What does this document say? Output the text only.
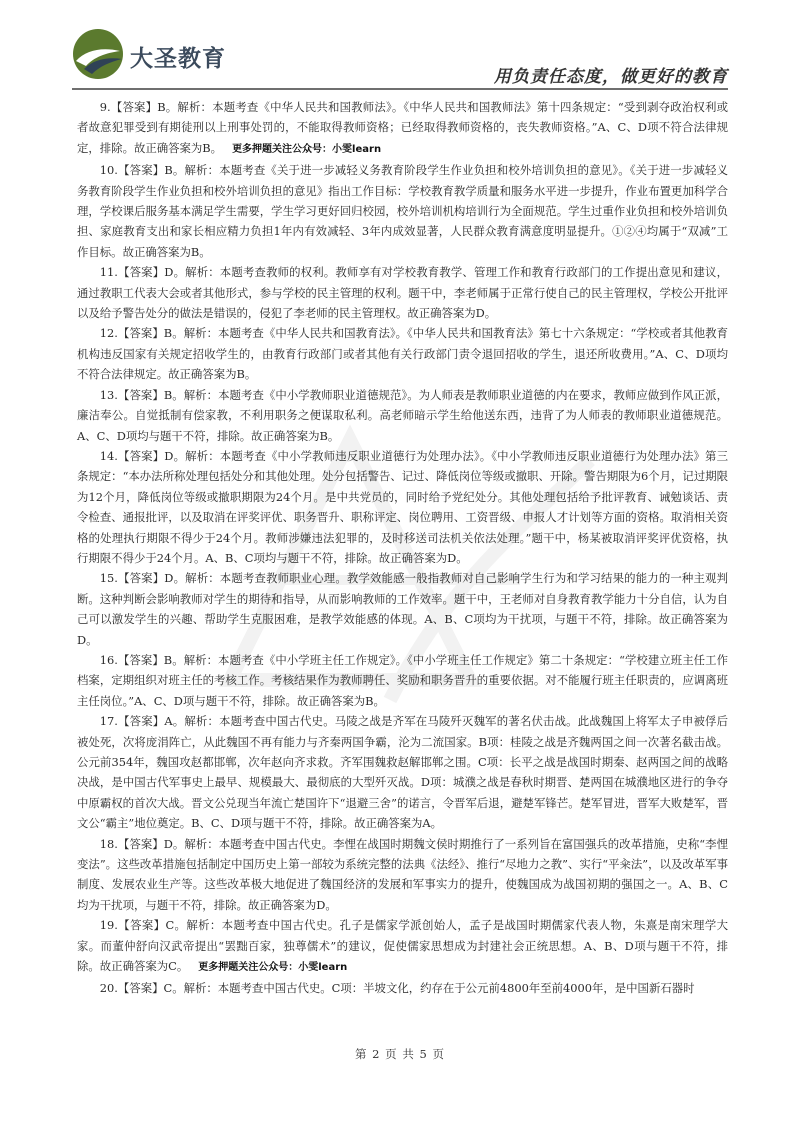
大圣教育
用负责任态度，做更好的教育

9.【答案】B。解析：本题考查《中华人民共和国教师法》。《中华人民共和国教师法》第十四条规定：“受到剥夺政治权利或者故意犯罪受到有期徒刑以上刑事处罚的，不能取得教师资格；已经取得教师资格的，丧失教师资格。”A、C、D项不符合法律规定，排除。故正确答案为B。 更多押题关注公众号：小雯learn

10.【答案】B。解析：本题考查《关于进一步减轻义务教育阶段学生作业负担和校外培训负担的意见》。《关于进一步减轻义务教育阶段学生作业负担和校外培训负担的意见》指出工作目标：学校教育教学质量和服务水平进一步提升，作业布置更加科学合理，学校课后服务基本满足学生需要，学生学习更好回归校园，校外培训机构培训行为全面规范。学生过重作业负担和校外培训负担、家庭教育支出和家长相应精力负担1年内有效减轻、3年内成效显著，人民群众教育满意度明显提升。①②④均属于“双减”工作目标。故正确答案为B。

11.【答案】D。解析：本题考查教师的权利。教师享有对学校教育教学、管理工作和教育行政部门的工作提出意见和建议，通过教职工代表大会或者其他形式，参与学校的民主管理的权利。题干中，李老师属于正常行使自己的民主管理权，学校公开批评以及给予警告处分的做法是错误的，侵犯了李老师的民主管理权。故正确答案为D。

12.【答案】B。解析：本题考查《中华人民共和国教育法》。《中华人民共和国教育法》第七十六条规定：“学校或者其他教育机构违反国家有关规定招收学生的，由教育行政部门或者其他有关行政部门责令退回招收的学生，退还所收费用。”A、C、D项均不符合法律规定。故正确答案为B。

13.【答案】B。解析：本题考查《中小学教师职业道德规范》。为人师表是教师职业道德的内在要求，教师应做到作风正派，廉洁奉公。自觉抵制有偿家教，不利用职务之便谋取私利。高老师暗示学生给他送东西，违背了为人师表的教师职业道德规范。A、C、D项均与题干不符，排除。故正确答案为B。

14.【答案】D。解析：本题考查《中小学教师违反职业道德行为处理办法》。《中小学教师违反职业道德行为处理办法》第三条规定：“本办法所称处理包括处分和其他处理。处分包括警告、记过、降低岗位等级或撤职、开除。警告期限为6个月，记过期限为12个月，降低岗位等级或撤职期限为24个月。是中共党员的，同时给予党纪处分。其他处理包括给予批评教育、诫勉谈话、责令检查、通报批评，以及取消在评奖评优、职务晋升、职称评定、岗位聘用、工资晋级、申报人才计划等方面的资格。取消相关资格的处理执行期限不得少于24个月。教师涉嫌违法犯罪的，及时移送司法机关依法处理。”题干中，杨某被取消评奖评优资格，执行期限不得少于24个月。A、B、C项均与题干不符，排除。故正确答案为D。

15.【答案】D。解析：本题考查教师职业心理。教学效能感一般指教师对自己影响学生行为和学习结果的能力的一种主观判断。这种判断会影响教师对学生的期待和指导，从而影响教师的工作效率。题干中，王老师对自身教育教学能力十分自信，认为自己可以激发学生的兴趣、帮助学生克服困难，是教学效能感的体现。A、B、C项均为干扰项，与题干不符，排除。故正确答案为D。

16.【答案】B。解析：本题考查《中小学班主任工作规定》。《中小学班主任工作规定》第二十条规定：“学校建立班主任工作档案，定期组织对班主任的考核工作。考核结果作为教师聘任、奖励和职务晋升的重要依据。对不能履行班主任职责的，应调离班主任岗位。”A、C、D项与题干不符，排除。故正确答案为B。

17.【答案】A。解析：本题考查中国古代史。马陵之战是齐军在马陵歼灭魏军的著名伏击战。此战魏国上将军太子申被俘后被处死，次将庞涓阵亡，从此魏国不再有能力与齐秦两国争霸，沦为二流国家。B项：桂陵之战是齐魏两国之间一次著名截击战。公元前354年，魏国攻赵都邯郸，次年赵向齐求救。齐军围魏救赵解邯郸之围。C项：长平之战是战国时期秦、赵两国之间的战略决战，是中国古代军事史上最早、规模最大、最彻底的大型歼灭战。D项：城濮之战是春秋时期晋、楚两国在城濮地区进行的争夺中原霸权的首次大战。晋文公兑现当年流亡楚国许下“退避三舍”的诺言，令晋军后退，避楚军锋芒。楚军冒进，晋军大败楚军，晋文公“霸主”地位奠定。B、C、D项与题干不符，排除。故正确答案为A。

18.【答案】D。解析：本题考查中国古代史。李悝在战国时期魏文侯时期推行了一系列旨在富国强兵的改革措施，史称“李悝变法”。这些改革措施包括制定中国历史上第一部较为系统完整的法典《法经》、推行“尽地力之教”、实行“平籴法”，以及改革军事制度、发展农业生产等。这些改革极大地促进了魏国经济的发展和军事实力的提升，使魏国成为战国初期的强国之一。A、B、C均为干扰项，与题干不符，排除。故正确答案为D。

19.【答案】C。解析：本题考查中国古代史。孔子是儒家学派创始人，孟子是战国时期儒家代表人物，朱熹是南宋理学大家。而董仲舒向汉武帝提出“罢黜百家，独尊儒术”的建议，促使儒家思想成为封建社会正统思想。A、B、D项与题干不符，排除。故正确答案为C。 更多押题关注公众号：小雯learn

20.【答案】C。解析：本题考查中国古代史。C项：半坡文化，约存在于公元前4800年至前4000年，是中国新石器时

第 2 页 共 5 页
